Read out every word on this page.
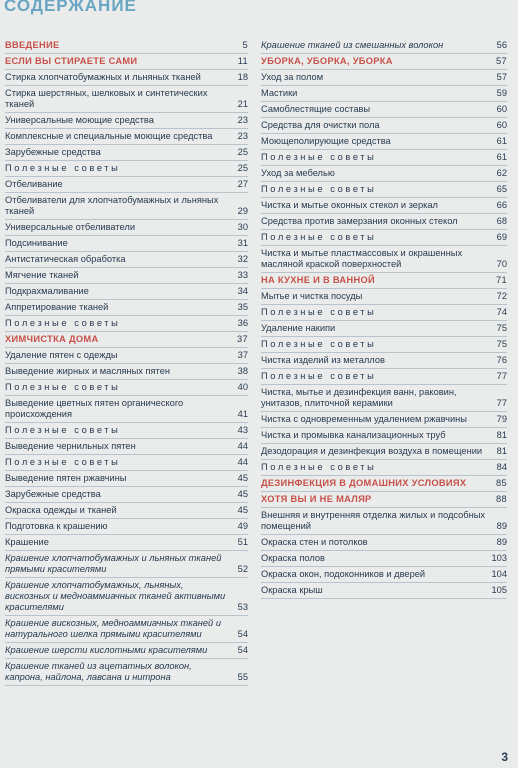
СОДЕРЖАНИЕ
ВВЕДЕНИЕ	5
ЕСЛИ ВЫ СТИРАЕТЕ САМИ	11
Стирка хлопчатобумажных и льняных тканей	18
Стирка шерстяных, шелковых и синтетических тканей	21
Универсальные моющие средства	23
Комплексные и специальные моющие средства	23
Зарубежные средства	25
Полезные советы	25
Отбеливание	27
Отбеливатели для хлопчатобумажных и льняных тканей	29
Универсальные отбеливатели	30
Подсинивание	31
Антистатическая обработка	32
Мягчение тканей	33
Подкрахмаливание	34
Аппретирование тканей	35
Полезные советы	36
ХИМЧИСТКА ДОМА	37
Удаление пятен с одежды	37
Выведение жирных и масляных пятен	38
Полезные советы	40
Выведение цветных пятен органического происхождения	41
Полезные советы	43
Выведение чернильных пятен	44
Полезные советы	44
Выведение пятен ржавчины	45
Зарубежные средства	45
Окраска одежды и тканей	45
Подготовка к крашению	49
Крашение	51
Крашение хлопчатобумажных и льняных тканей прямыми красителями	52
Крашение хлопчатобумажных, льняных, вискозных и медноаммиачных тканей активными красителями	53
Крашение вискозных, медноаммиачных тканей и натурального шелка прямыми красителями	54
Крашение шерсти кислотными красителями	54
Крашение тканей из ацетатных волокон, капрона, найлона, лавсана и нитрона	55
Крашение тканей из смешанных волокон	56
УБОРКА, УБОРКА, УБОРКА	57
Уход за полом	57
Мастики	59
Самоблестящие составы	60
Средства для очистки пола	60
Моющеполирующие средства	61
Полезные советы	61
Уход за мебелью	62
Полезные советы	65
Чистка и мытье оконных стекол и зеркал	66
Средства против замерзания оконных стекол	68
Полезные советы	69
Чистка и мытье пластмассовых и окрашенных масляной краской поверхностей	70
НА КУХНЕ И В ВАННОЙ	71
Мытье и чистка посуды	72
Полезные советы	74
Удаление накипи	75
Полезные советы	75
Чистка изделий из металлов	76
Полезные советы	77
Чистка, мытье и дезинфекция ванн, раковин, унитазов, плиточной керамики	77
Чистка с одновременным удалением ржавчины	79
Чистка и промывка канализационных труб	81
Дезодорация и дезинфекция воздуха в помещении	81
Полезные советы	84
ДЕЗИНФЕКЦИЯ В ДОМАШНИХ УСЛОВИЯХ	85
ХОТЯ ВЫ И НЕ МАЛЯР	88
Внешняя и внутренняя отделка жилых и подсобных помещений	89
Окраска стен и потолков	89
Окраска полов	103
Окраска окон, подоконников и дверей	104
Окраска крыш	105
3
